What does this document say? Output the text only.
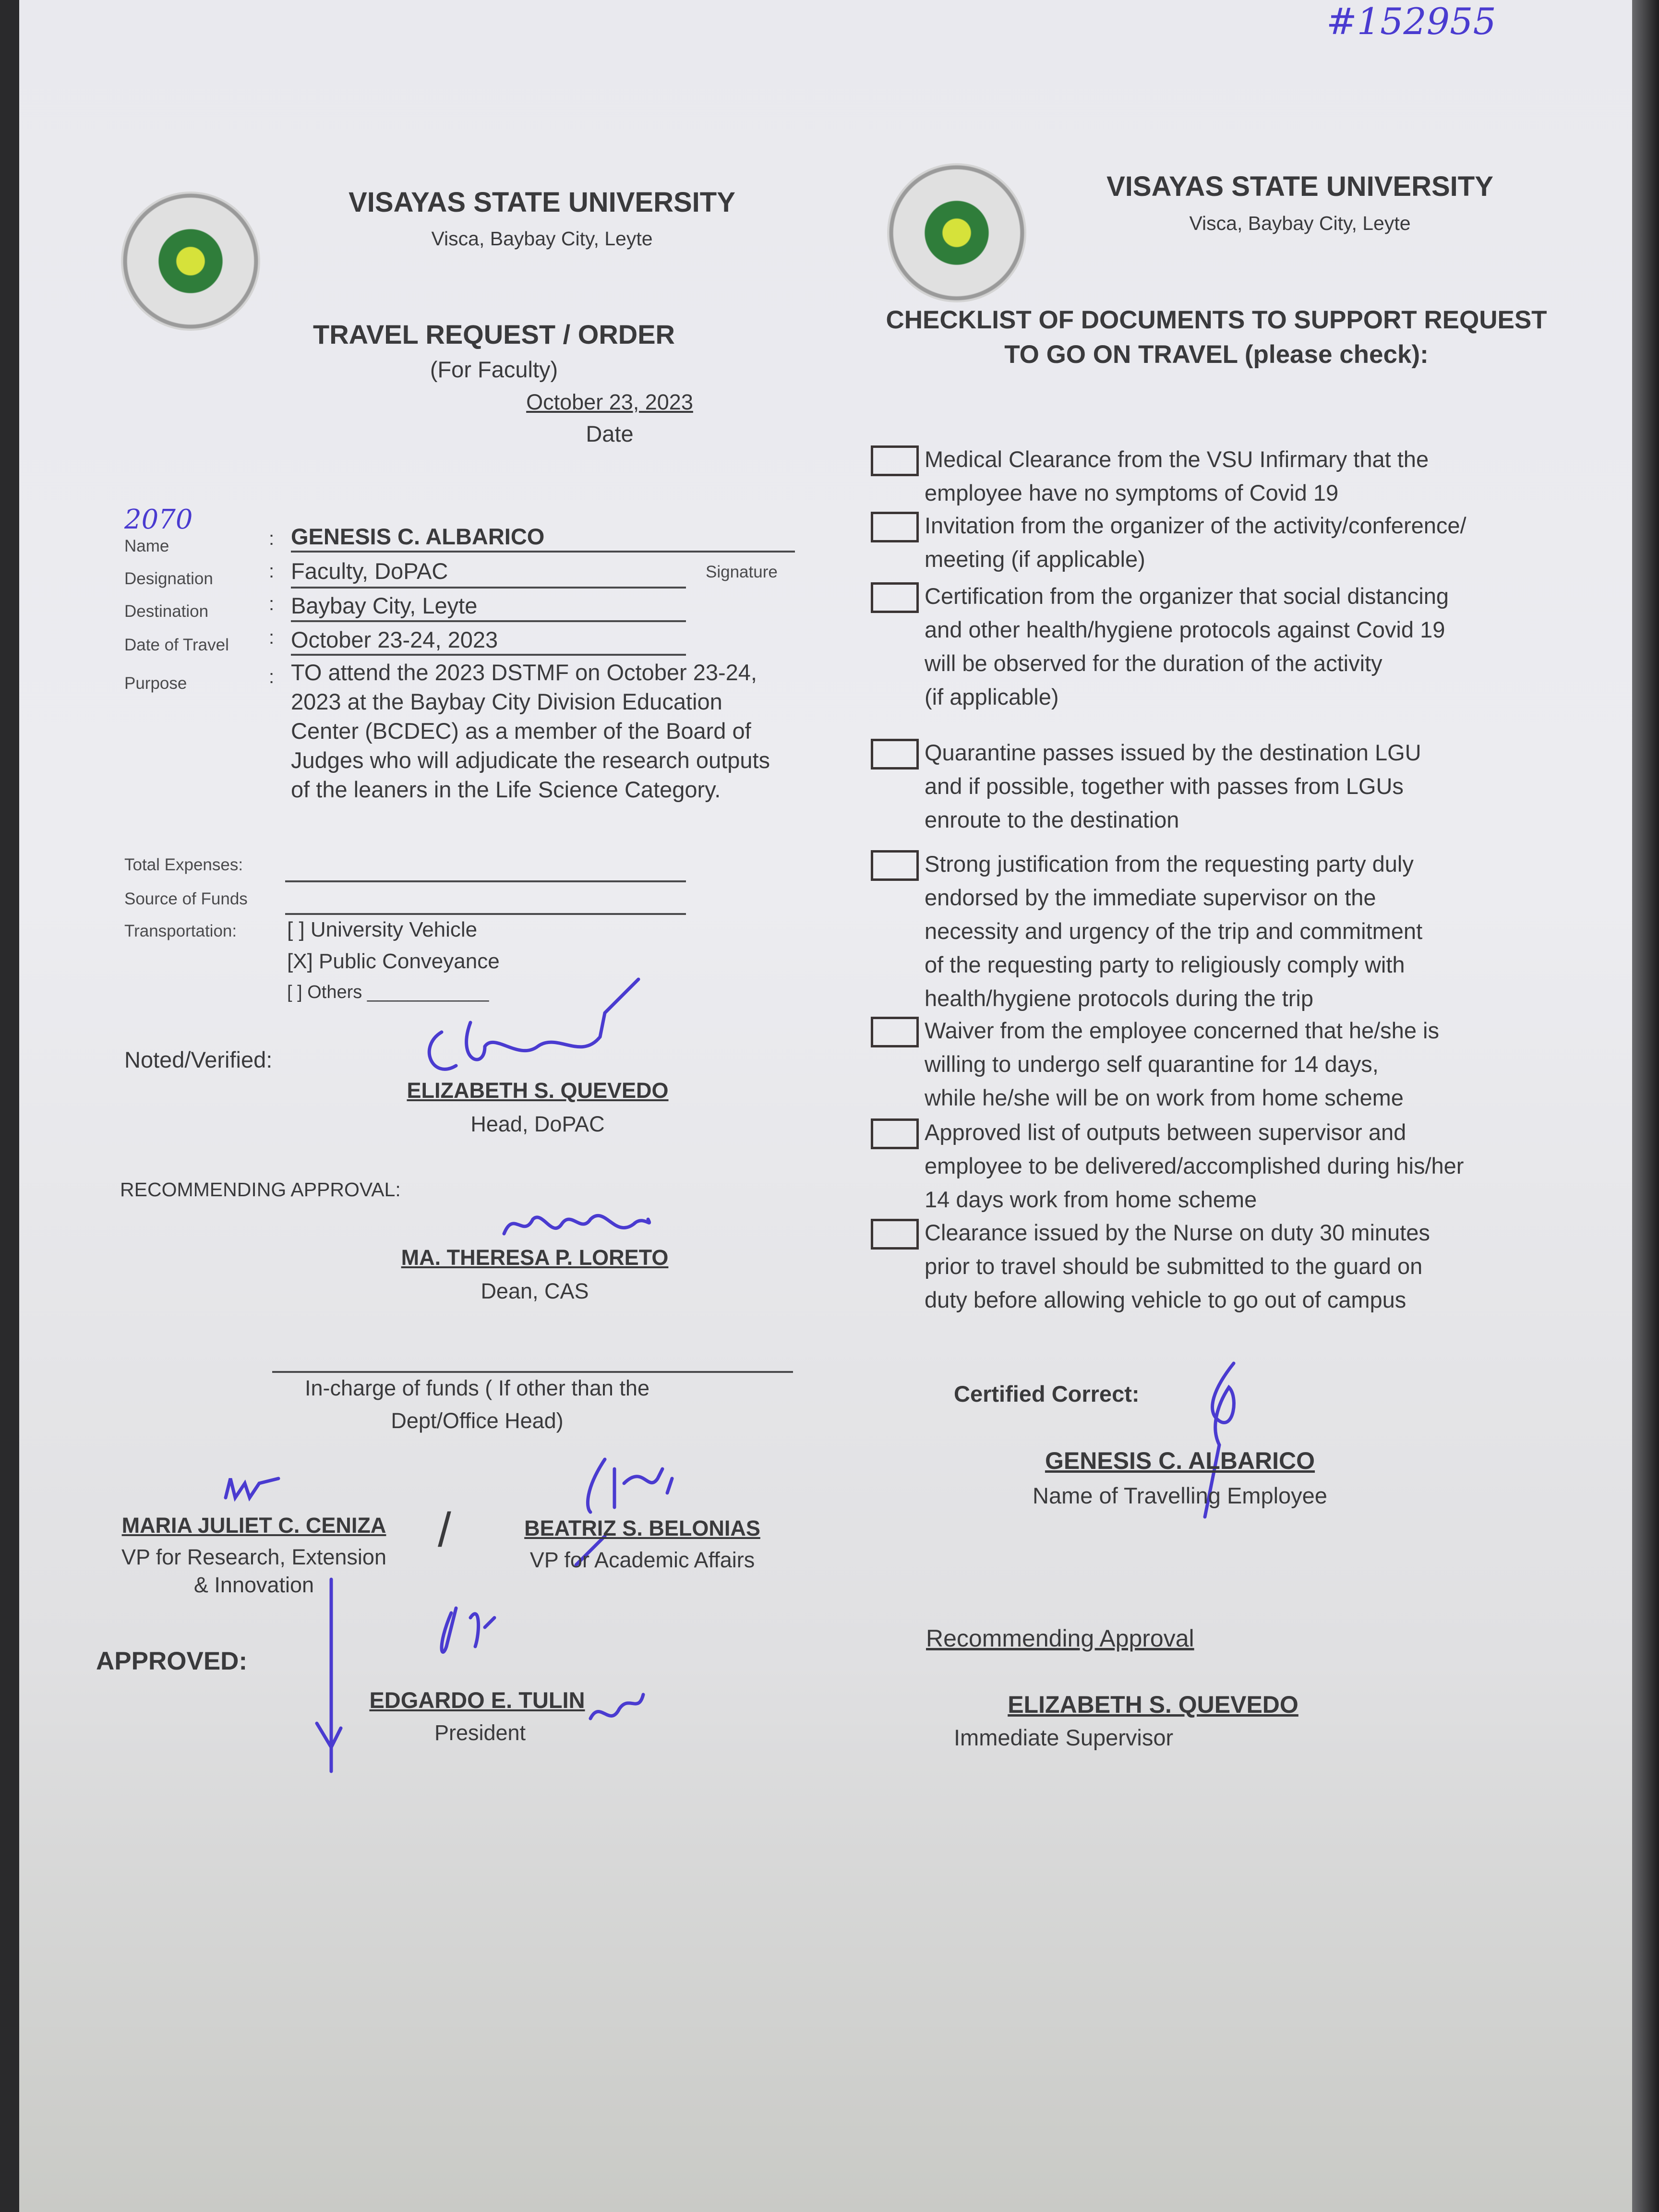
#152955
VISAYAS STATE UNIVERSITY
Visca, Baybay City, Leyte
TRAVEL REQUEST / ORDER
(For Faculty)
October 23, 2023
Date
2070
Name	: GENESIS C. ALBARICO
Signature
Designation	: Faculty, DoPAC
Destination	: Baybay City, Leyte
Date of Travel : October 23-24, 2023
Purpose	: TO attend the 2023 DSTMF on October 23-24,
2023 at the Baybay City Division Education
Center (BCDEC) as a member of the Board of
Judges who will adjudicate the research outputs
of the leaners in the Life Science Category.
Total Expenses:
Source of Funds
Transportation: [ ] University Vehicle
[X] Public Conveyance
[ ] Others ____________
Noted/Verified:
ELIZABETH S. QUEVEDO
Head, DoPAC
RECOMMENDING APPROVAL:
MA. THERESA P. LORETO
Dean, CAS
In-charge of funds ( If other than the
Dept/Office Head)
MARIA JULIET C. CENIZA
VP for Research, Extension
& Innovation
/	BEATRIZ S. BELONIAS
VP for Academic Affairs
APPROVED:
EDGARDO E. TULIN
President
VISAYAS STATE UNIVERSITY
Visca, Baybay City, Leyte
CHECKLIST OF DOCUMENTS TO SUPPORT REQUEST
TO GO ON TRAVEL (please check):
Medical Clearance from the VSU Infirmary that the
employee have no symptoms of Covid 19
Invitation from the organizer of the activity/conference/
meeting (if applicable)
Certification from the organizer that social distancing
and other health/hygiene protocols against Covid 19
will be observed for the duration of the activity
(if applicable)
Quarantine passes issued by the destination LGU
and if possible, together with passes from LGUs
enroute to the destination
Strong justification from the requesting party duly
endorsed by the immediate supervisor on the
necessity and urgency of the trip and commitment
of the requesting party to religiously comply with
health/hygiene protocols during the trip
Waiver from the employee concerned that he/she is
willing to undergo self quarantine for 14 days,
while he/she will be on work from home scheme
Approved list of outputs between supervisor and
employee to be delivered/accomplished during his/her
14 days work from home scheme
Clearance issued by the Nurse on duty 30 minutes
prior to travel should be submitted to the guard on
duty before allowing vehicle to go out of campus
Certified Correct:
GENESIS C. ALBARICO
Name of Travelling Employee
Recommending Approval
ELIZABETH S. QUEVEDO
Immediate Supervisor
